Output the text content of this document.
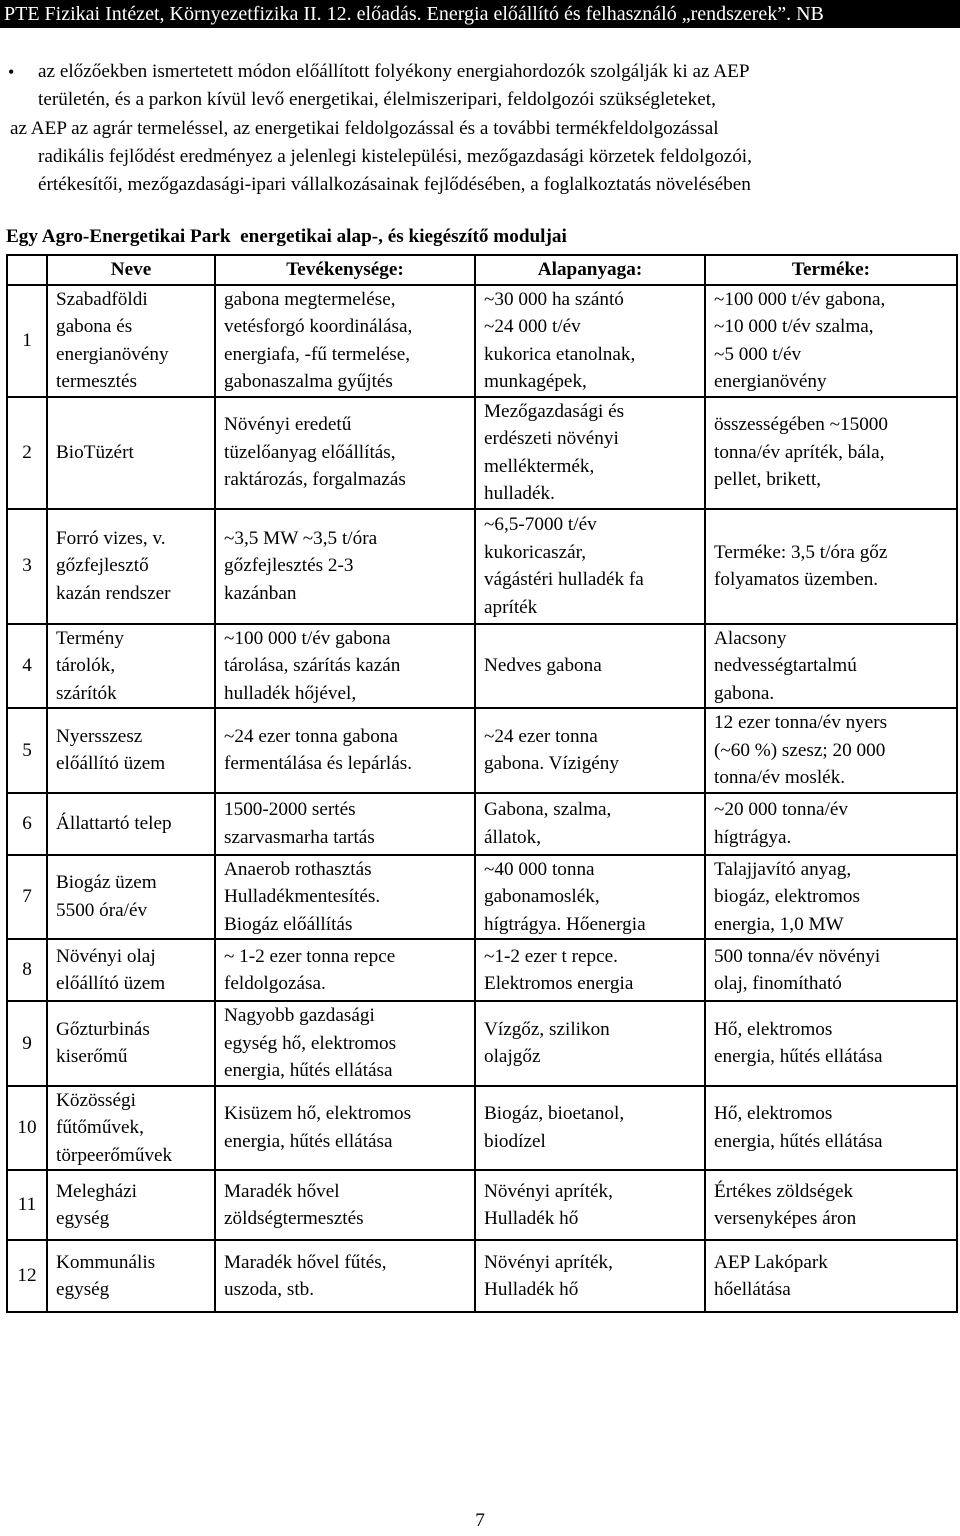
PTE Fizikai Intézet, Környezetfizika II. 12. előadás. Energia előállító és felhasználó „rendszerek”. NB
•	az előzőekben ismertetett módon előállított folyékony energiahordozók szolgálják ki az AEP
területén, és a parkon kívül levő energetikai, élelmiszeripari, feldolgozói szükségleteket,
az AEP az agrár termeléssel, az energetikai feldolgozással és a további termékfeldolgozással
radikális fejlődést eredményez a jelenlegi kistelepülési, mezőgazdasági körzetek feldolgozói,
értékesítői, mezőgazdasági-ipari vállalkozásainak fejlődésében, a foglalkoztatás növelésében
Egy Agro-Energetikai Park  energetikai alap-, és kiegészítő moduljai
	Neve	Tevékenysége:	Alapanyaga:	Terméke:
1	Szabadföldi
gabona és
energianövény
termesztés	gabona megtermelése,
vetésforgó koordinálása,
energiafa, -fű termelése,
gabonaszalma gyűjtés	~30 000 ha szántó
~24 000 t/év
kukorica etanolnak,
munkagépek,	~100 000 t/év gabona,
~10 000 t/év szalma,
~5 000 t/év
energianövény

2	BioTüzért	Növényi eredetű
tüzelőanyag előállítás,
raktározás, forgalmazás	Mezőgazdasági és
erdészeti növényi
melléktermék,
hulladék.	összességében ~15000
tonna/év apríték, bála,
pellet, brikett,

3	Forró vizes, v.
gőzfejlesztő
kazán rendszer	~3,5 MW ~3,5 t/óra
gőzfejlesztés 2-3
kazánban	~6,5-7000 t/év
kukoricaszár,
vágástéri hulladék fa
apríték	Terméke: 3,5 t/óra gőz
folyamatos üzemben.

4	Termény
tárolók,
szárítók	~100 000 t/év gabona
tárolása, szárítás kazán
hulladék hőjével,	Nedves gabona	Alacsony
nedvességtartalmú
gabona.

5	Nyersszesz
előállító üzem	~24 ezer tonna gabona
fermentálása és lepárlás.	~24 ezer tonna
gabona. Vízigény	12 ezer tonna/év nyers
(~60 %) szesz; 20 000
tonna/év moslék.

6	Állattartó telep	1500-2000 sertés
szarvasmarha tartás	Gabona, szalma,
állatok,	~20 000 tonna/év
hígtrágya.

7	Biogáz üzem
5500 óra/év	Anaerob rothasztás
Hulladékmentesítés.
Biogáz előállítás	~40 000 tonna
gabonamoslék,
hígtrágya. Hőenergia	Talajjavító anyag,
biogáz, elektromos
energia, 1,0 MW

8	Növényi olaj
előállító üzem	~ 1-2 ezer tonna repce
feldolgozása.	~1-2 ezer t repce.
Elektromos energia	500 tonna/év növényi
olaj, finomítható

9	Gőzturbinás
kiserőmű	Nagyobb gazdasági
egység hő, elektromos
energia, hűtés ellátása	Vízgőz, szilikon
olajgőz	Hő, elektromos
energia, hűtés ellátása

10	Közösségi
fűtőművek,
törpeerőművek	Kisüzem hő, elektromos
energia, hűtés ellátása	Biogáz, bioetanol,
biodízel	Hő, elektromos
energia, hűtés ellátása

11	Melegházi
egység	Maradék hővel
zöldségtermesztés	Növényi apríték,
Hulladék hő	Értékes zöldségek
versenyképes áron

12	Kommunális
egység	Maradék hővel fűtés,
uszoda, stb.	Növényi apríték,
Hulladék hő	AEP Lakópark
hőellátása
7
